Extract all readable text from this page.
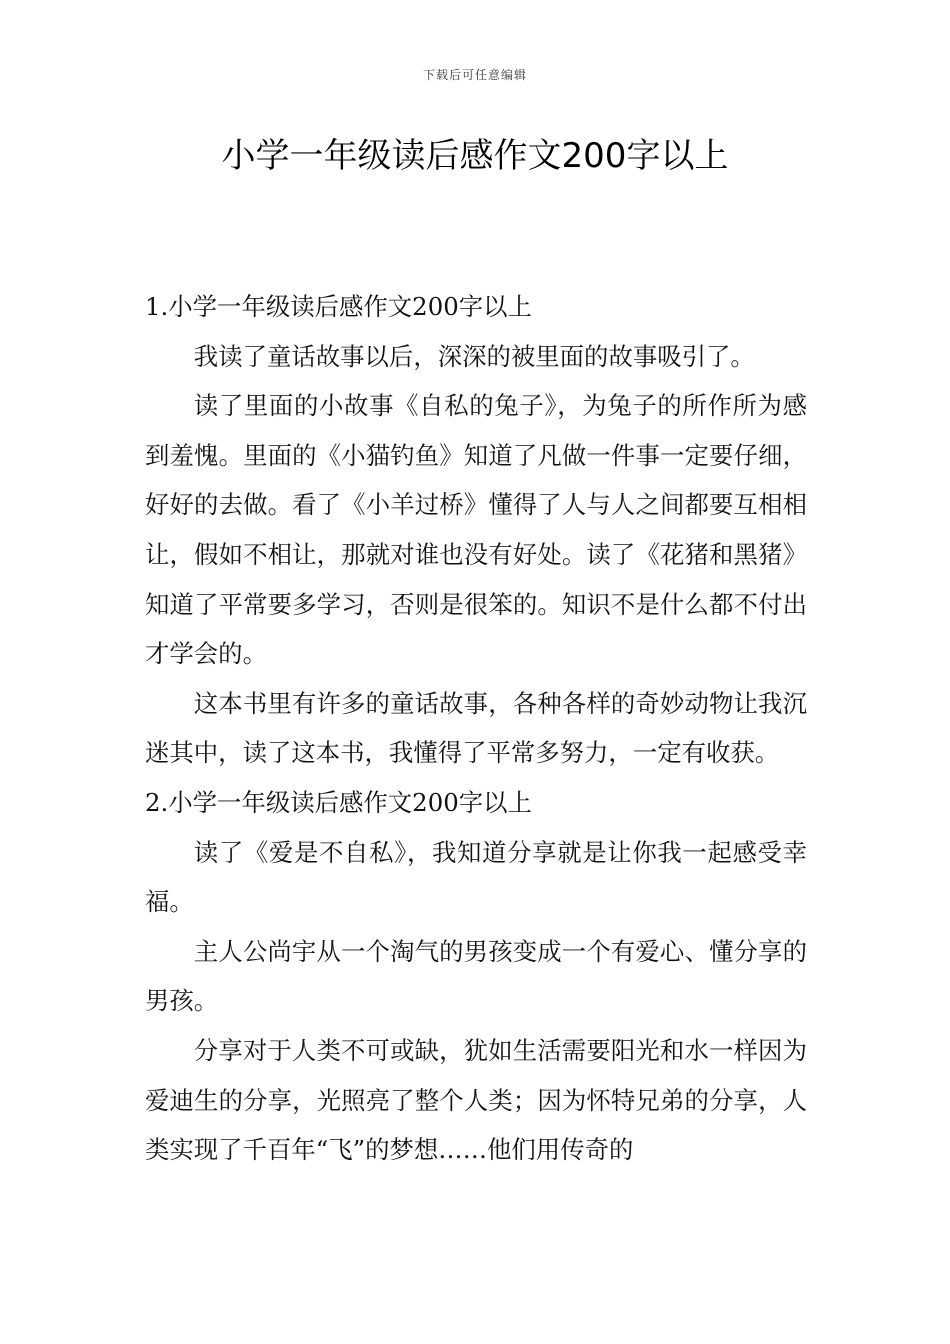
下载后可任意编辑
小学一年级读后感作文200字以上

1.小学一年级读后感作文200字以上

我读了童话故事以后，深深的被里面的故事吸引了。

读了里面的小故事《自私的兔子》，为兔子的所作所为感到羞愧。里面的《小猫钓鱼》知道了凡做一件事一定要仔细，好好的去做。看了《小羊过桥》懂得了人与人之间都要互相相让，假如不相让，那就对谁也没有好处。读了《花猪和黑猪》知道了平常要多学习，否则是很笨的。知识不是什么都不付出才学会的。

这本书里有许多的童话故事，各种各样的奇妙动物让我沉迷其中，读了这本书，我懂得了平常多努力，一定有收获。

2.小学一年级读后感作文200字以上

读了《爱是不自私》，我知道分享就是让你我一起感受幸福。

主人公尚宇从一个淘气的男孩变成一个有爱心、懂分享的男孩。

分享对于人类不可或缺，犹如生活需要阳光和水一样因为爱迪生的分享，光照亮了整个人类；因为怀特兄弟的分享，人类实现了千百年“飞”的梦想……他们用传奇的
